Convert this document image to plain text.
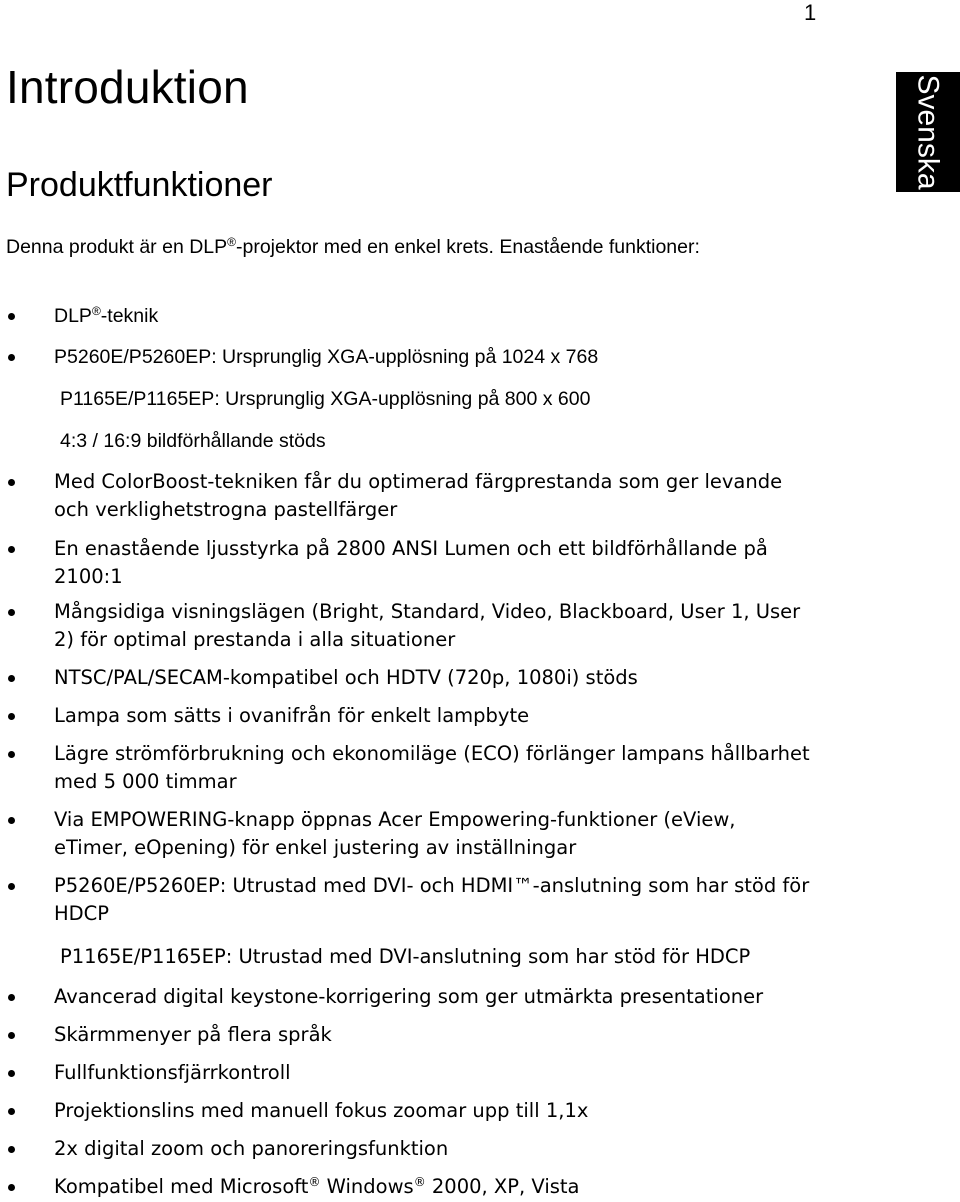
1
Svenska
Introduktion
Produktfunktioner
Denna produkt är en DLP®-projektor med en enkel krets. Enastående funktioner:
DLP®-teknik
P5260E/P5260EP: Ursprunglig XGA-upplösning på 1024 x 768
P1165E/P1165EP: Ursprunglig XGA-upplösning på 800 x 600
4:3 / 16:9 bildförhållande stöds
Med ColorBoost-tekniken får du optimerad färgprestanda som ger levande och verklighetstrogna pastellfärger
En enastående ljusstyrka på 2800 ANSI Lumen och ett bildförhållande på 2100:1
Mångsidiga visningslägen (Bright, Standard, Video, Blackboard, User 1, User 2) för optimal prestanda i alla situationer
NTSC/PAL/SECAM-kompatibel och HDTV (720p, 1080i) stöds
Lampa som sätts i ovanifrån för enkelt lampbyte
Lägre strömförbrukning och ekonomiläge (ECO) förlänger lampans hållbarhet med 5 000 timmar
Via EMPOWERING-knapp öppnas Acer Empowering-funktioner (eView, eTimer, eOpening) för enkel justering av inställningar
P5260E/P5260EP: Utrustad med DVI- och HDMI™-anslutning som har stöd för HDCP
P1165E/P1165EP: Utrustad med DVI-anslutning som har stöd för HDCP
Avancerad digital keystone-korrigering som ger utmärkta presentationer
Skärmmenyer på flera språk
Fullfunktionsfjärrkontroll
Projektionslins med manuell fokus zoomar upp till 1,1x
2x digital zoom och panoreringsfunktion
Kompatibel med Microsoft® Windows® 2000, XP, Vista
